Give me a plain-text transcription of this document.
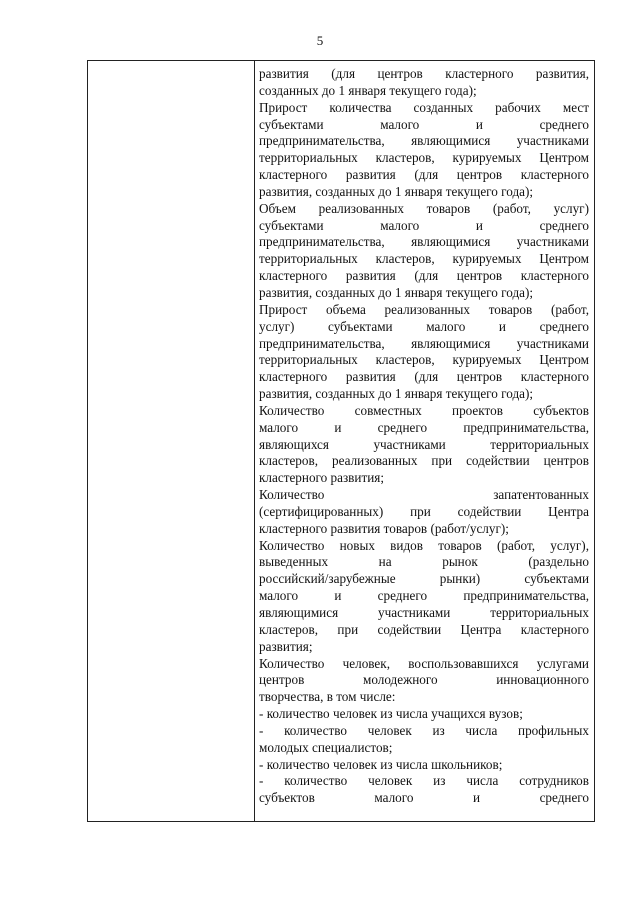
5
развития (для центров кластерного развития,
созданных до 1 января текущего года);
Прирост количества созданных рабочих мест
субъектами малого и среднего
предпринимательства, являющимися участниками
территориальных кластеров, курируемых Центром
кластерного развития (для центров кластерного
развития, созданных до 1 января текущего года);
Объем реализованных товаров (работ, услуг)
субъектами малого и среднего
предпринимательства, являющимися участниками
территориальных кластеров, курируемых Центром
кластерного развития (для центров кластерного
развития, созданных до 1 января текущего года);
Прирост объема реализованных товаров (работ,
услуг) субъектами малого и среднего
предпринимательства, являющимися участниками
территориальных кластеров, курируемых Центром
кластерного развития (для центров кластерного
развития, созданных до 1 января текущего года);
Количество совместных проектов субъектов
малого и среднего предпринимательства,
являющихся участниками территориальных
кластеров, реализованных при содействии центров
кластерного развития;
Количество запатентованных
(сертифицированных) при содействии Центра
кластерного развития товаров (работ/услуг);
Количество новых видов товаров (работ, услуг),
выведенных на рынок (раздельно
российский/зарубежные рынки) субъектами
малого и среднего предпринимательства,
являющимися участниками территориальных
кластеров, при содействии Центра кластерного
развития;
Количество человек, воспользовавшихся услугами
центров молодежного инновационного
творчества, в том числе:
- количество человек из числа учащихся вузов;
- количество человек из числа профильных
молодых специалистов;
- количество человек из числа школьников;
- количество человек из числа сотрудников
субъектов малого и среднего
